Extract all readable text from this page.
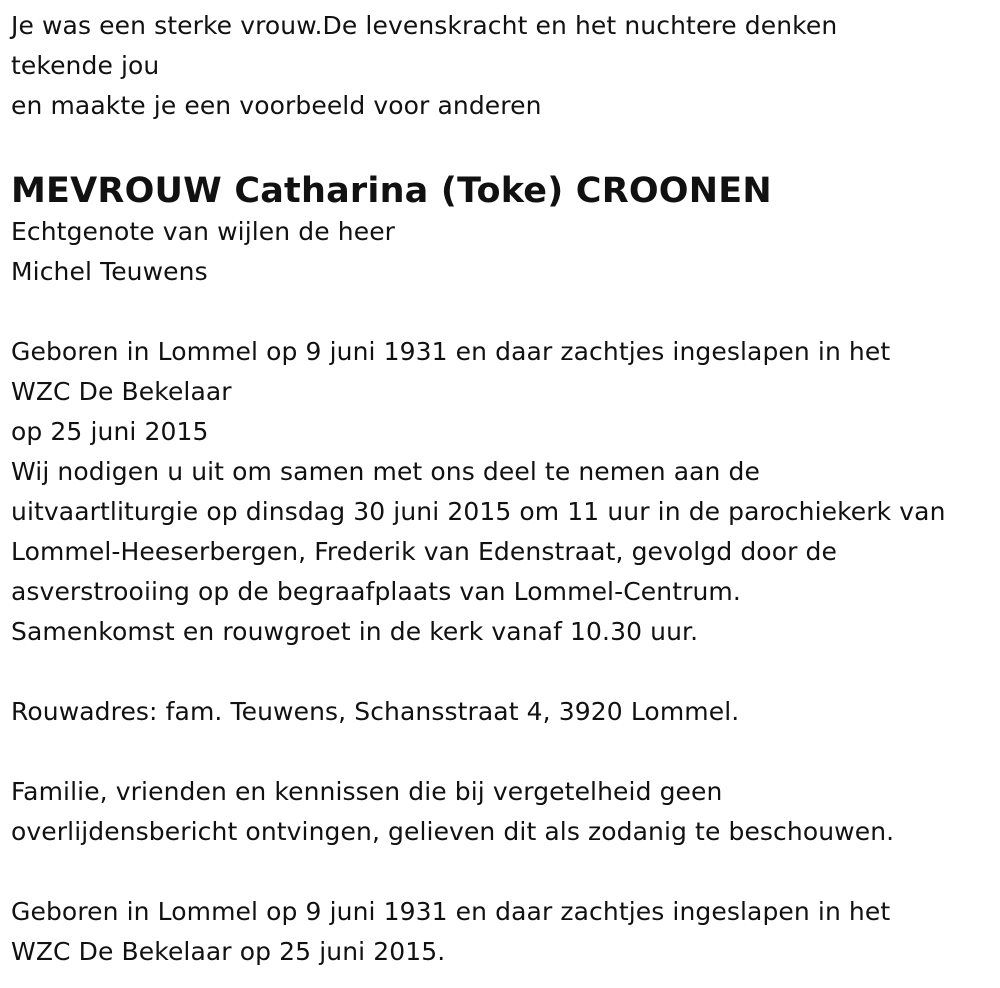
Je was een sterke vrouw.De levenskracht en het nuchtere denken
tekende jou
en maakte je een voorbeeld voor anderen
MEVROUW Catharina (Toke) CROONEN
Echtgenote van wijlen de heer
Michel Teuwens
Geboren in Lommel op 9 juni 1931 en daar zachtjes ingeslapen in het
WZC De Bekelaar
op 25 juni 2015
Wij nodigen u uit om samen met ons deel te nemen aan de
uitvaartliturgie op dinsdag 30 juni 2015 om 11 uur in de parochiekerk van
Lommel-Heeserbergen, Frederik van Edenstraat, gevolgd door de
asverstrooiing op de begraafplaats van Lommel-Centrum.
Samenkomst en rouwgroet in de kerk vanaf 10.30 uur.
Rouwadres: fam. Teuwens, Schansstraat 4, 3920 Lommel.
Familie, vrienden en kennissen die bij vergetelheid geen
overlijdensbericht ontvingen, gelieven dit als zodanig te beschouwen.
Geboren in Lommel op 9 juni 1931 en daar zachtjes ingeslapen in het
WZC De Bekelaar op 25 juni 2015.
